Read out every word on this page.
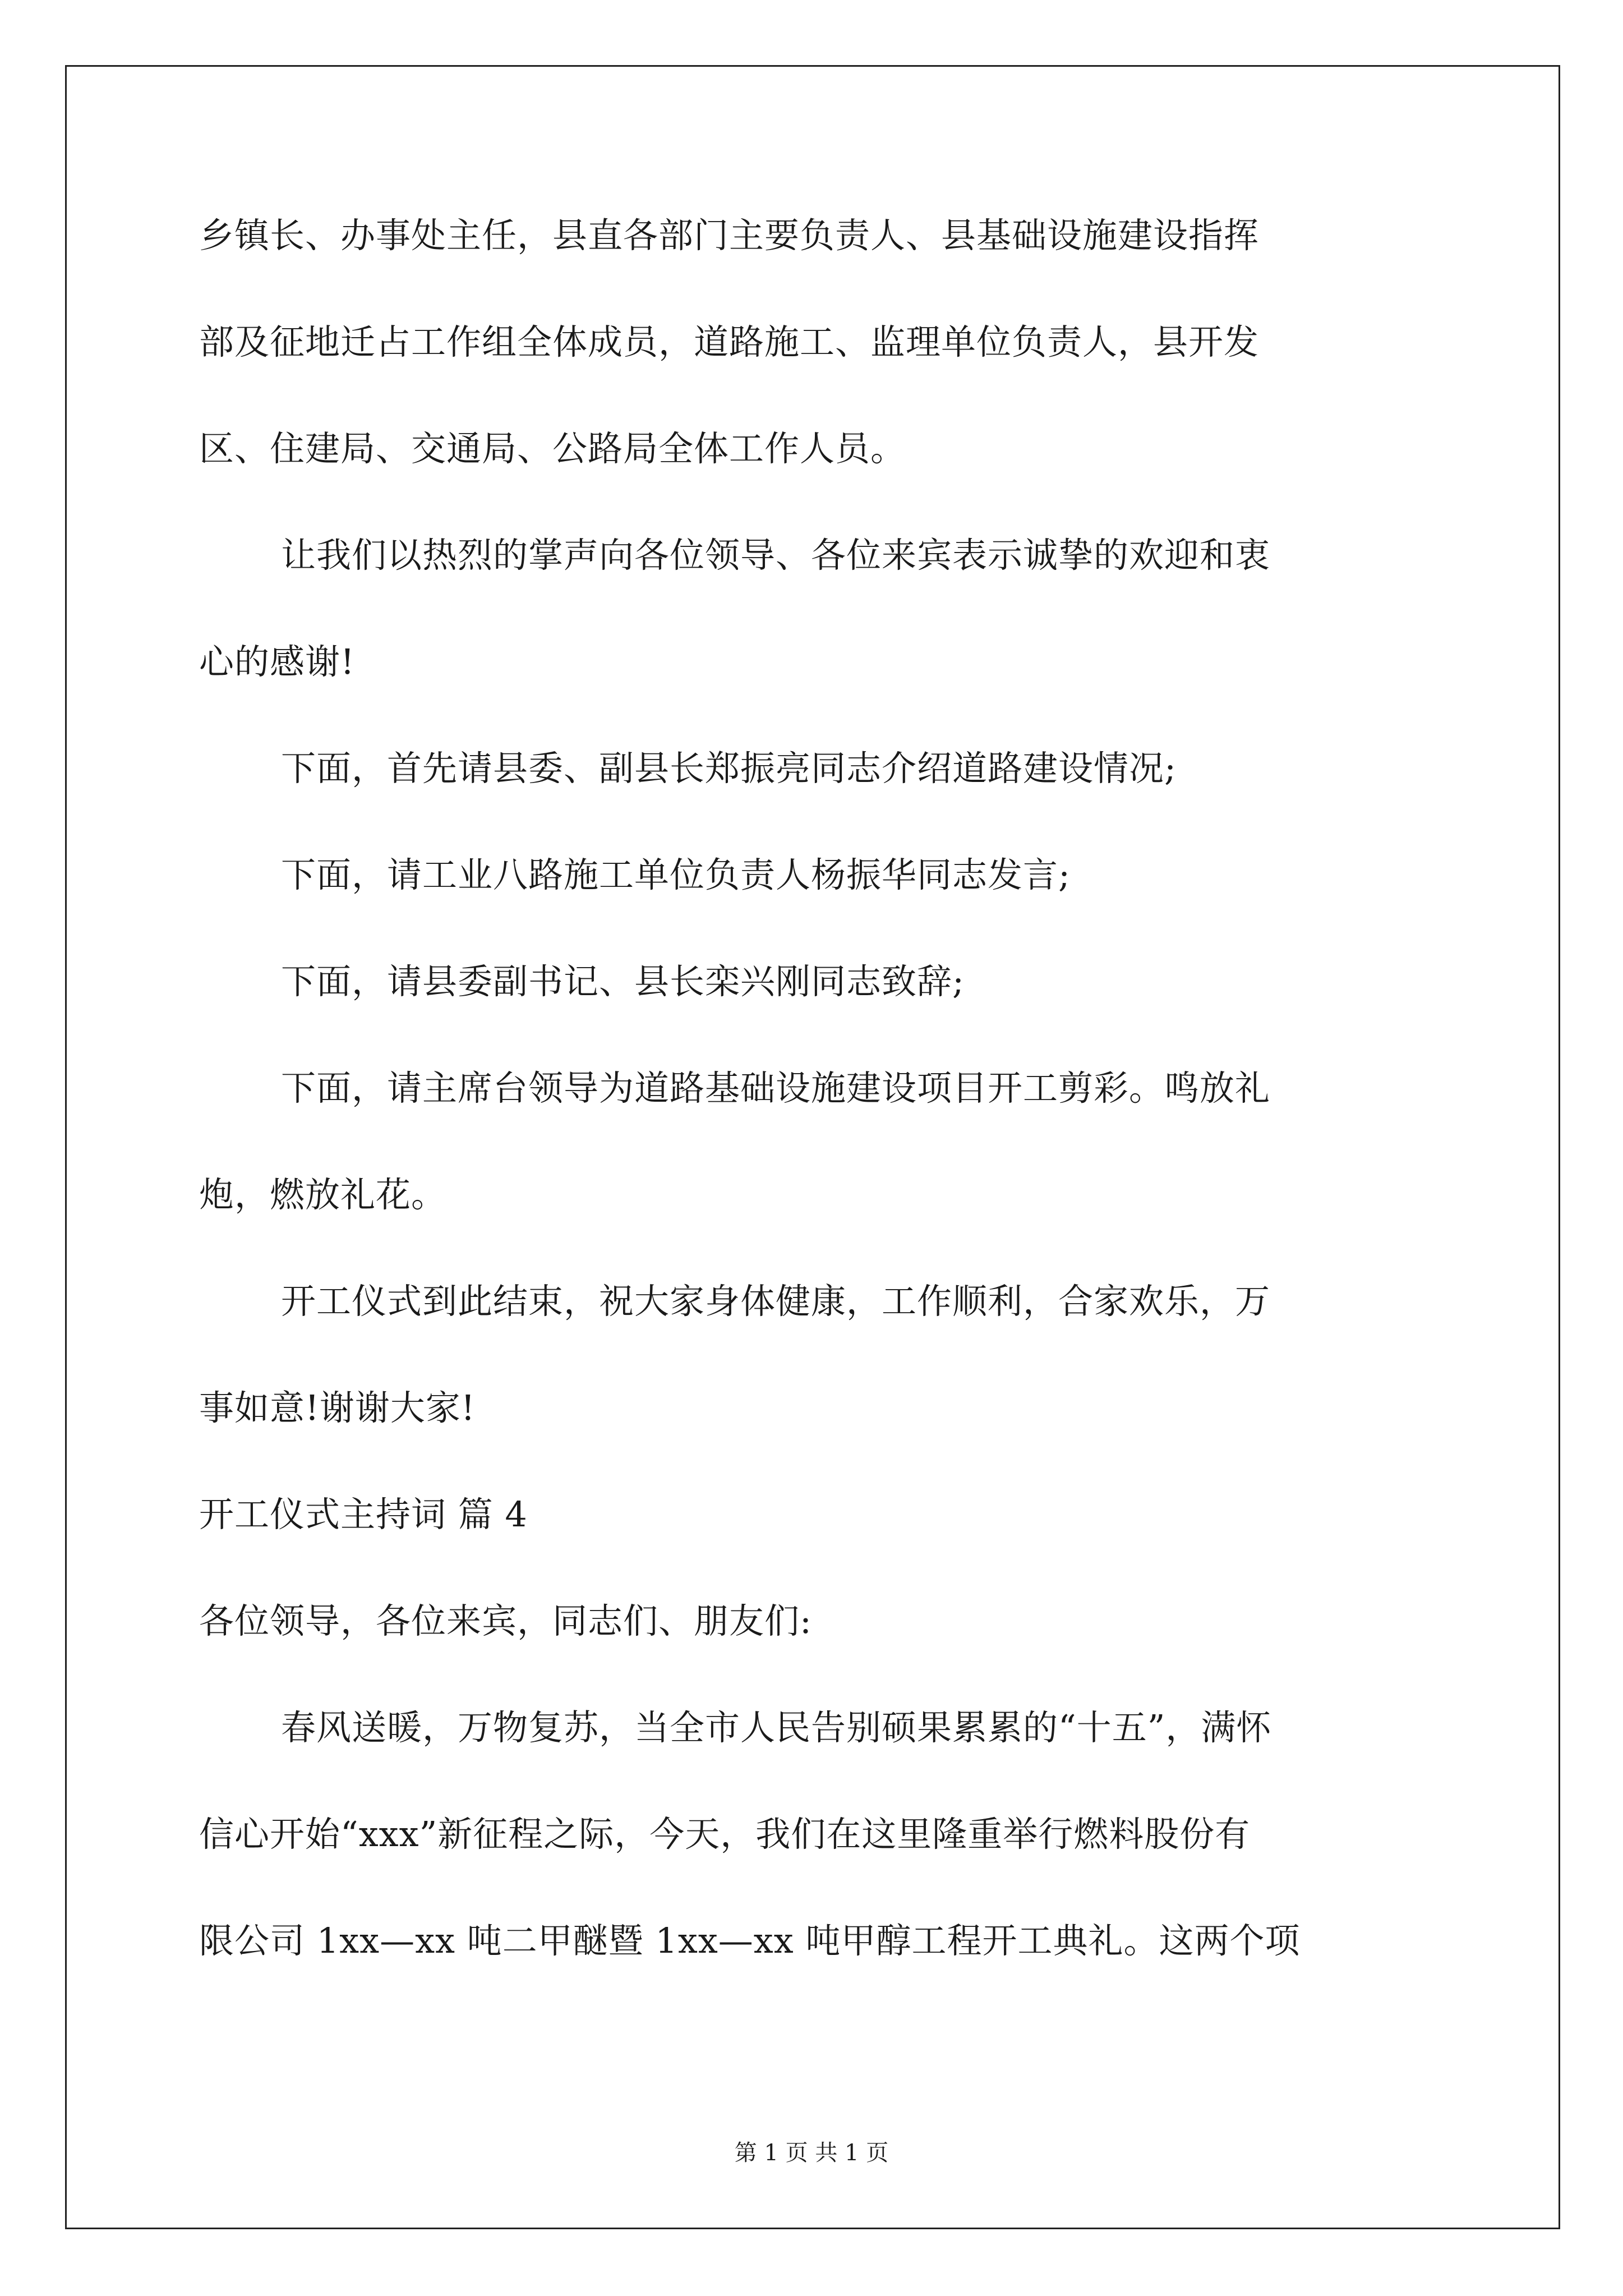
乡镇长、办事处主任，县直各部门主要负责人、县基础设施建设指挥
部及征地迁占工作组全体成员，道路施工、监理单位负责人，县开发
区、住建局、交通局、公路局全体工作人员。
让我们以热烈的掌声向各位领导、各位来宾表示诚挚的欢迎和衷
心的感谢!
下面，首先请县委、副县长郑振亮同志介绍道路建设情况;
下面，请工业八路施工单位负责人杨振华同志发言;
下面，请县委副书记、县长栾兴刚同志致辞;
下面，请主席台领导为道路基础设施建设项目开工剪彩。鸣放礼
炮，燃放礼花。
开工仪式到此结束，祝大家身体健康，工作顺利，合家欢乐，万
事如意!谢谢大家!
开工仪式主持词 篇 4
各位领导，各位来宾，同志们、朋友们:
春风送暖，万物复苏，当全市人民告别硕果累累的“十五”，满怀
信心开始“xxx”新征程之际，今天，我们在这里隆重举行燃料股份有
限公司 1xx—xx 吨二甲醚暨 1xx—xx 吨甲醇工程开工典礼。这两个项
第 1 页 共 1 页
